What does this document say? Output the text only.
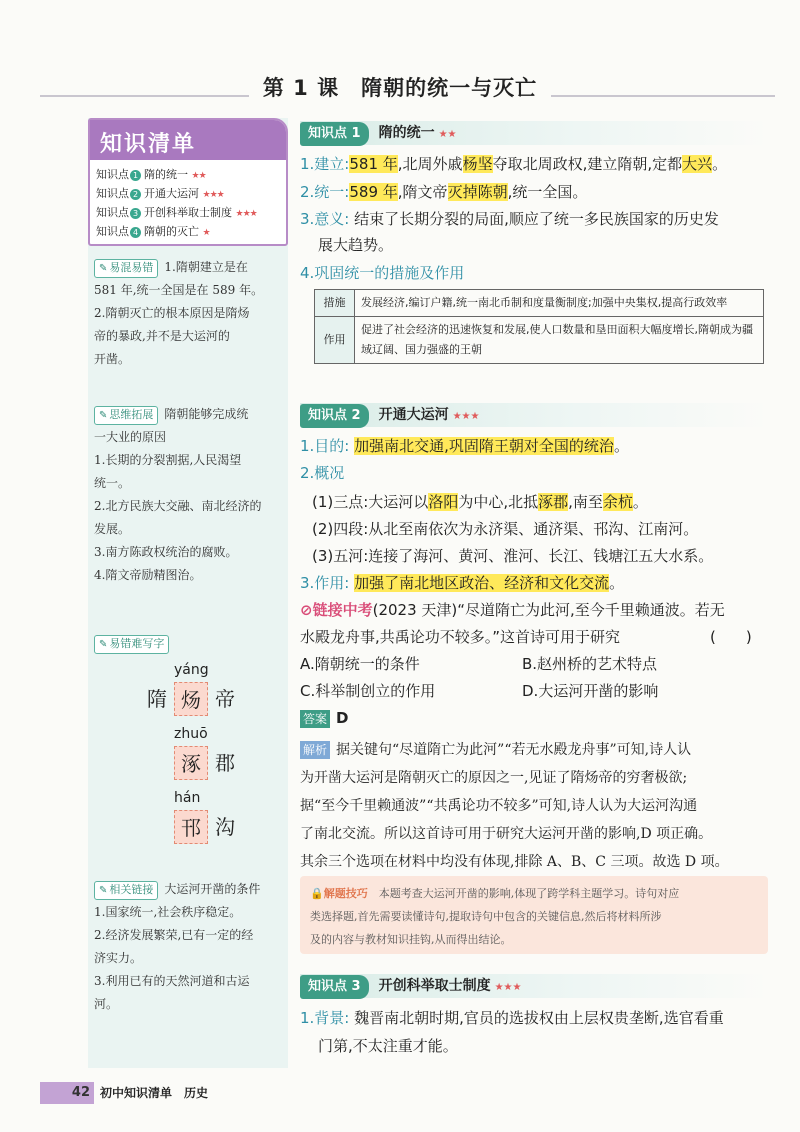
第 1 课　隋朝的统一与灭亡
知识清单
知识点 1 隋的统一 ★★
知识点 2 开通大运河 ★★★
知识点 3 开创科举取士制度 ★★★
知识点 4 隋朝的灭亡 ★
✎ 易混易错 1.隋朝建立是在
581 年,统一全国是在 589 年。
2.隋朝灭亡的根本原因是隋炀
帝的暴政,并不是大运河的
开凿。
✎ 思维拓展 隋朝能够完成统
一大业的原因
1.长期的分裂割据,人民渴望
统一。
2.北方民族大交融、南北经济的
发展。
3.南方陈政权统治的腐败。
4.隋文帝励精图治。
✎ 易错难写字
yáng
隋 炀 帝
zhuō
涿 郡
hán
邗 沟
✎ 相关链接 大运河开凿的条件
1.国家统一,社会秩序稳定。
2.经济发展繁荣,已有一定的经
济实力。
3.利用已有的天然河道和古运
河。
知识点 1 隋的统一 ★★
1.建立:581 年,北周外戚杨坚夺取北周政权,建立隋朝,定都大兴。
2.统一:589 年,隋文帝灭掉陈朝,统一全国。
3.意义: 结束了长期分裂的局面,顺应了统一多民族国家的历史发
展大趋势。
4.巩固统一的措施及作用
措施	发展经济,编订户籍,统一南北币制和度量衡制度;加强中央集权,提高行政效率
作用	促进了社会经济的迅速恢复和发展,使人口数量和垦田面积大幅度增长,隋朝成为疆域辽阔、国力强盛的王朝
知识点 2 开通大运河 ★★★
1.目的: 加强南北交通,巩固隋王朝对全国的统治。
2.概况
(1)三点:大运河以洛阳为中心,北抵涿郡,南至余杭。
(2)四段:从北至南依次为永济渠、通济渠、邗沟、江南河。
(3)五河:连接了海河、黄河、淮河、长江、钱塘江五大水系。
3.作用: 加强了南北地区政治、经济和文化交流。
⊘链接中考(2023 天津)“尽道隋亡为此河,至今千里赖通波。若无
水殿龙舟事,共禹论功不较多。”这首诗可用于研究	(　　)
A.隋朝统一的条件	B.赵州桥的艺术特点
C.科举制创立的作用	D.大运河开凿的影响
答案 D
解析 据关键句“尽道隋亡为此河”“若无水殿龙舟事”可知,诗人认
为开凿大运河是隋朝灭亡的原因之一,见证了隋炀帝的穷奢极欲;
据“至今千里赖通波”“共禹论功不较多”可知,诗人认为大运河沟通
了南北交流。所以这首诗可用于研究大运河开凿的影响,D 项正确。
其余三个选项在材料中均没有体现,排除 A、B、C 三项。故选 D 项。
🔒解题技巧　 本题考查大运河开凿的影响,体现了跨学科主题学习。诗句对应
类选择题,首先需要读懂诗句,提取诗句中包含的关键信息,然后将材料所涉
及的内容与教材知识挂钩,从而得出结论。
知识点 3 开创科举取士制度 ★★★
1.背景: 魏晋南北朝时期,官员的选拔权由上层权贵垄断,选官看重
门第,不太注重才能。
42 初中知识清单　历史
